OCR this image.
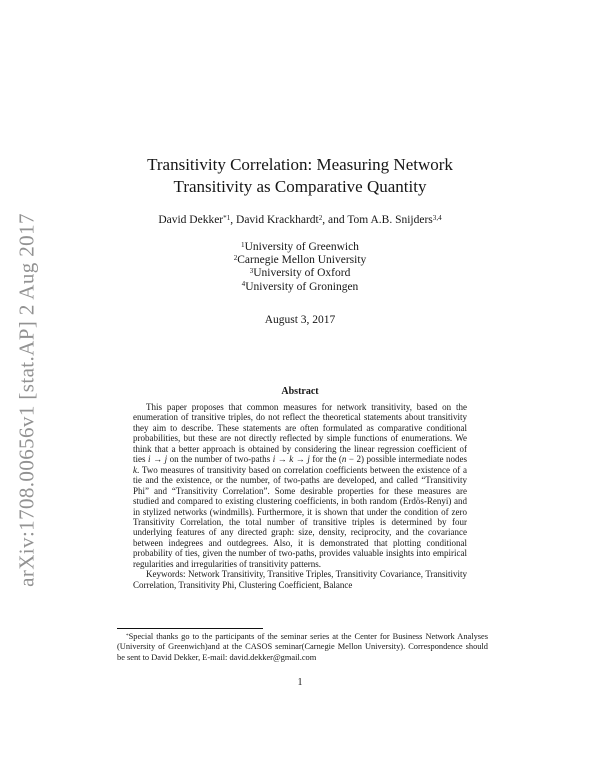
arXiv:1708.00656v1 [stat.AP] 2 Aug 2017
Transitivity Correlation: Measuring Network
Transitivity as Comparative Quantity
David Dekker$^{*1}$, David Krackhardt$^2$, and Tom A.B. Snijders$^{3,4}$
$^1$University of Greenwich
$^2$Carnegie Mellon University
$^3$University of Oxford
$^4$University of Groningen
August 3, 2017
Abstract

This paper proposes that common measures for network transitivity, based on the enumeration of transitive triples, do not reflect the theoretical statements about transitivity they aim to describe. These statements are often formulated as comparative conditional probabilities, but these are not directly reflected by simple functions of enumerations. We think that a better approach is obtained by considering the linear regression coefficient of ties i → j on the number of two-paths i → k → j for the (n − 2) possible intermediate nodes k. Two measures of transitivity based on correlation coefficients between the existence of a tie and the existence, or the number, of two-paths are developed, and called “Transitivity Phi” and “Transitivity Correlation”. Some desirable properties for these measures are studied and compared to existing clustering coefficients, in both random (Erdös-Renyi) and in stylized networks (windmills). Furthermore, it is shown that under the condition of zero Transitivity Correlation, the total number of transitive triples is determined by four underlying features of any directed graph: size, density, reciprocity, and the covariance between indegrees and outdegrees. Also, it is demonstrated that plotting conditional probability of ties, given the number of two-paths, provides valuable insights into empirical regularities and irregularities of transitivity patterns.

Keywords: Network Transitivity, Transitive Triples, Transitivity Covariance, Transitivity Correlation, Transitivity Phi, Clustering Coefficient, Balance

*Special thanks go to the participants of the seminar series at the Center for Business Network Analyses (University of Greenwich)and at the CASOS seminar(Carnegie Mellon University). Correspondence should be sent to David Dekker, E-mail: david.dekker@gmail.com

1
